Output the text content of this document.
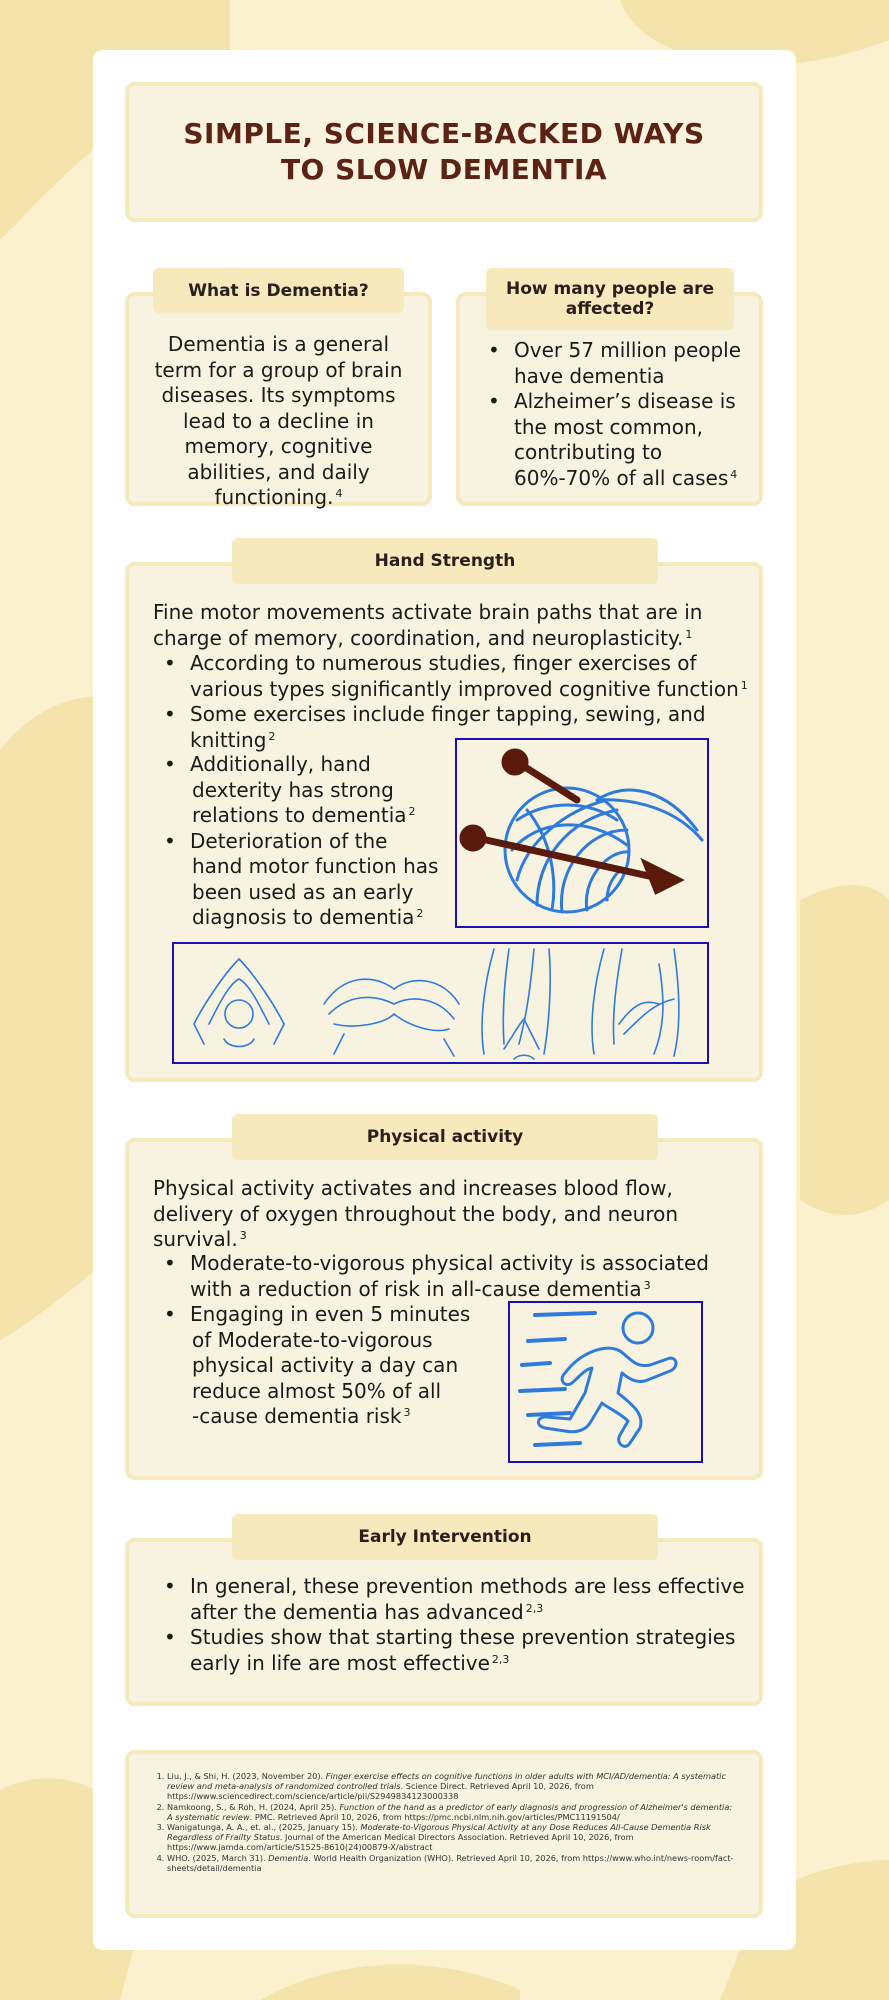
SIMPLE, SCIENCE-BACKED WAYS
TO SLOW DEMENTIA
Dementia is a general term for a group of brain diseases. Its symptoms lead to a decline in memory, cognitive abilities, and daily functioning. $^4$
What is Dementia?
• Over 57 million people have dementia
• Alzheimer’s disease is the most common, contributing to 60%-70% of all cases $^4$
How many people are
affected?
Fine motor movements activate brain paths that are in charge of memory, coordination, and neuroplasticity. $^1$
• According to numerous studies, finger exercises of various types significantly improved cognitive function $^1$
• Some exercises include finger tapping, sewing, and knitting $^2$
• Additionally, hand
dexterity has strong
relations to dementia $^2$
• Deterioration of the
hand motor function has
been used as an early
diagnosis to dementia $^2$
Hand Strength
Physical activity activates and increases blood flow, delivery of oxygen throughout the body, and neuron survival. $^3$
• Moderate-to-vigorous physical activity is associated with a reduction of risk in all-cause dementia $^3$
• Engaging in even 5 minutes
of Moderate-to-vigorous
physical activity a day can
reduce almost 50% of all
-cause dementia risk $^3$
Physical activity
• In general, these prevention methods are less effective after the dementia has advanced $^{2,3}$
• Studies show that starting these prevention strategies early in life are most effective $^{2,3}$
Early Intervention
1. Liu, J., & Shi, H. (2023, November 20). Finger exercise effects on cognitive functions in older adults with MCI/AD/dementia: A systematic review and meta-analysis of randomized controlled trials. Science Direct. Retrieved April 10, 2026, from https://www.sciencedirect.com/science/article/pii/S2949834123000338
2. Namkoong, S., & Roh, H. (2024, April 25). Function of the hand as a predictor of early diagnosis and progression of Alzheimer's dementia: A systematic review. PMC. Retrieved April 10, 2026, from https://pmc.ncbi.nlm.nih.gov/articles/PMC11191504/
3. Wanigatunga, A. A., et. al., (2025, January 15). Moderate-to-Vigorous Physical Activity at any Dose Reduces All-Cause Dementia Risk Regardless of Frailty Status. Journal of the American Medical Directors Association. Retrieved April 10, 2026, from https://www.jamda.com/article/S1525-8610(24)00879-X/abstract
4. WHO. (2025, March 31). Dementia. World Health Organization (WHO). Retrieved April 10, 2026, from https://www.who.int/news-room/fact-sheets/detail/dementia
